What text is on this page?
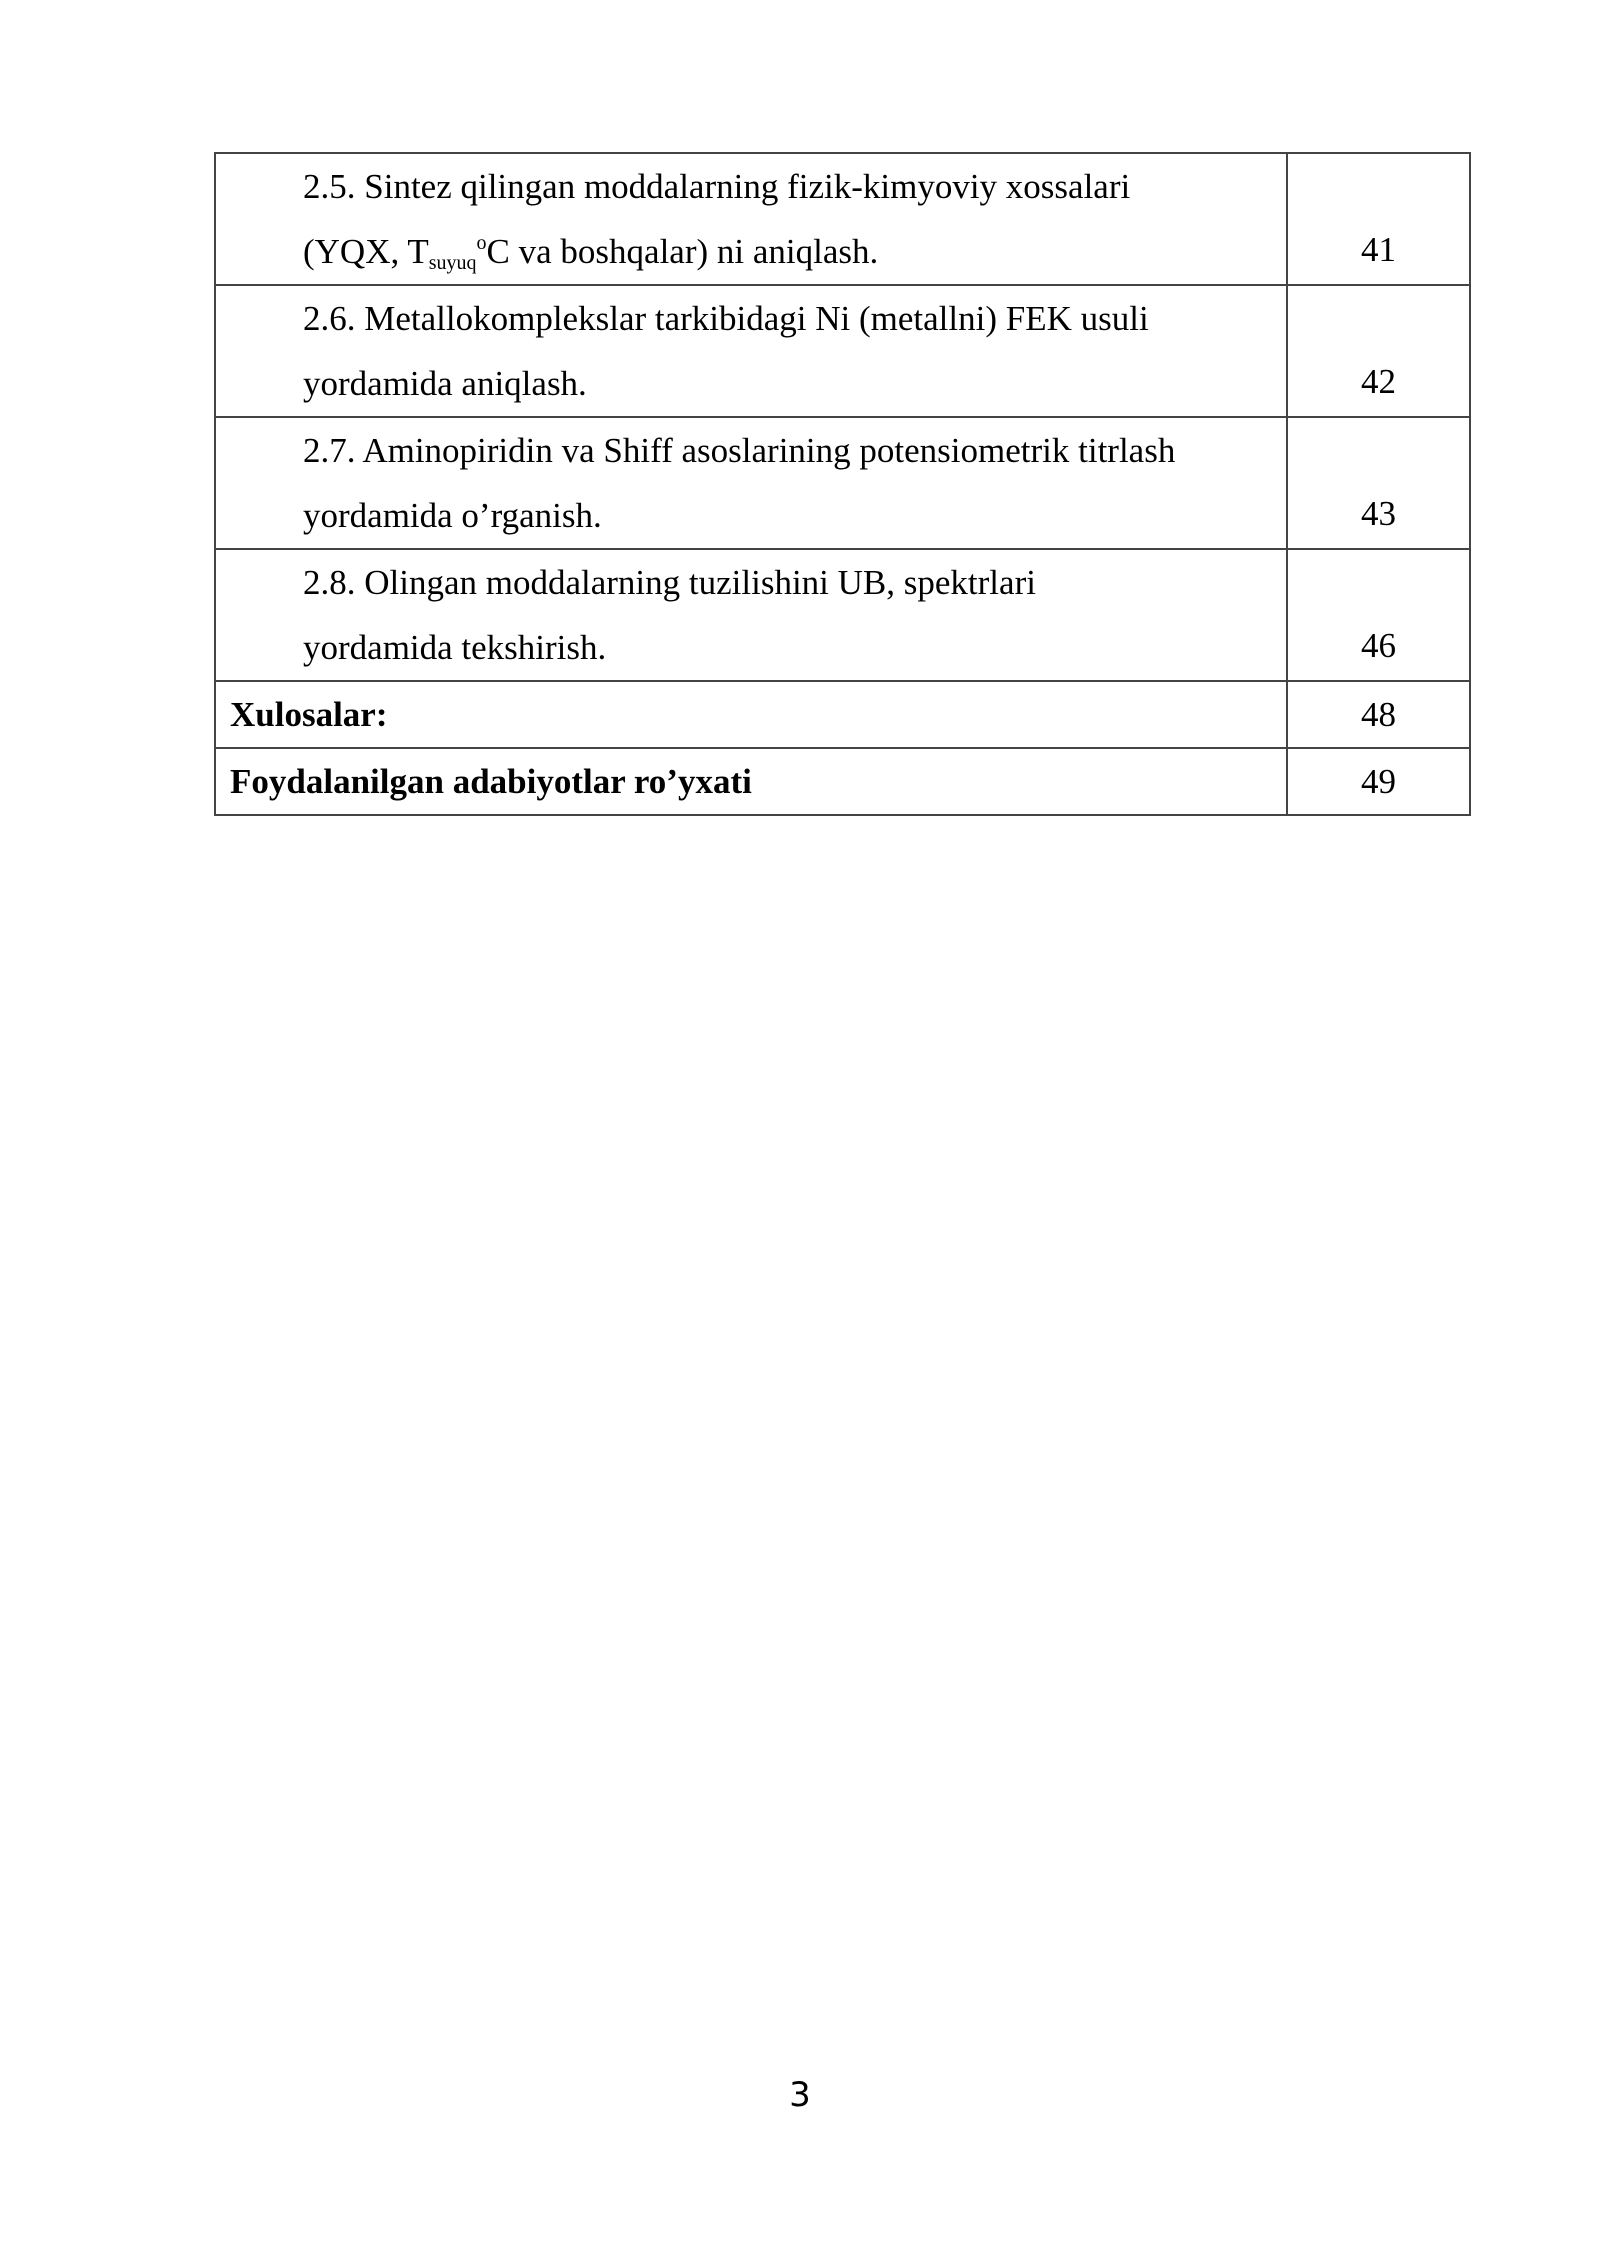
2.5. Sintez qilingan moddalarning fizik-kimyoviy xossalari
(YQX, $T_{suyuq}^oC$ va boshqalar) ni aniqlash.	41

2.6. Metallokomplekslar tarkibidagi Ni (metallni) FEK usuli
yordamida aniqlash.	42

2.7. Aminopiridin va Shiff asoslarining potensiometrik titrlash
yordamida o’rganish.	43

2.8. Olingan moddalarning tuzilishini UB, spektrlari
yordamida tekshirish.	46

Xulosalar:	48
Foydalanilgan adabiyotlar ro’yxati	49
3
